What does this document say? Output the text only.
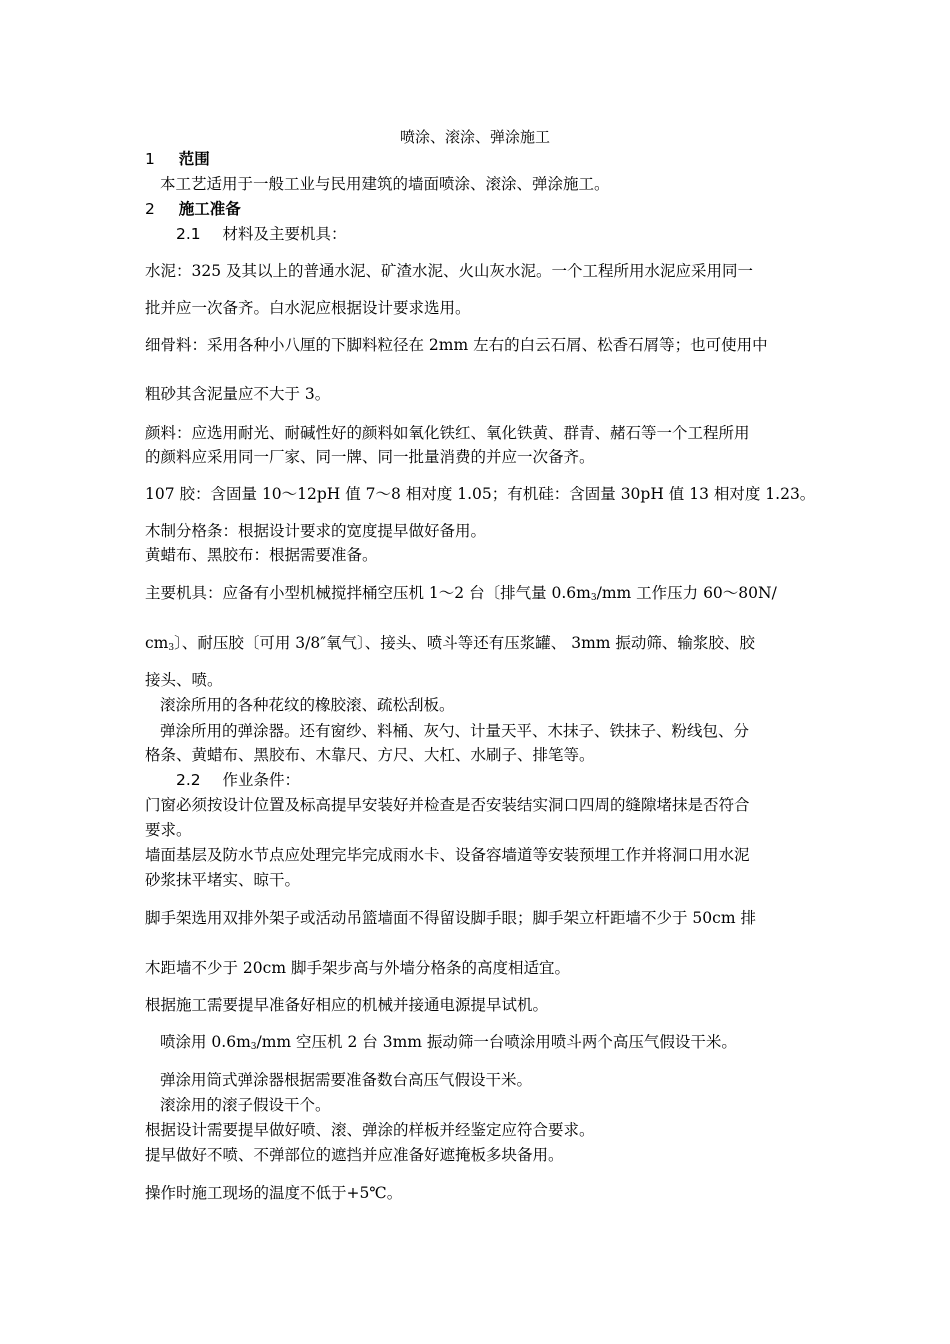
喷涂、滚涂、弹涂施工
1 范围
本工艺适用于一般工业与民用建筑的墙面喷涂、滚涂、弹涂施工。
2 施工准备
2.1 材料及主要机具：
水泥：325 及其以上的普通水泥、矿渣水泥、火山灰水泥。一个工程所用水泥应采用同一
批并应一次备齐。白水泥应根据设计要求选用。
细骨料：采用各种小八厘的下脚料粒径在 2mm 左右的白云石屑、松香石屑等；也可使用中
粗砂其含泥量应不大于 3。
颜料：应选用耐光、耐碱性好的颜料如氧化铁红、氧化铁黄、群青、赭石等一个工程所用
的颜料应采用同一厂家、同一牌、同一批量消费的并应一次备齐。
107 胶：含固量 10～12pH 值 7～8 相对度 1.05；有机硅：含固量 30pH 值 13 相对度 1.23。
木制分格条：根据设计要求的宽度提早做好备用。
黄蜡布、黑胶布：根据需要准备。
主要机具：应备有小型机械搅拌桶空压机 1～2 台〔排气量 $0.6m_3/mm$ 工作压力 60～80N/
$cm_3$〕、耐压胶〔可用 3/8″氧气〕、接头、喷斗等还有压浆罐、 3mm 振动筛、输浆胶、胶
接头、喷。
滚涂所用的各种花纹的橡胶滚、疏松刮板。
弹涂所用的弹涂器。还有窗纱、料桶、灰勺、计量天平、木抹子、铁抹子、粉线包、分
格条、黄蜡布、黑胶布、木靠尺、方尺、大杠、水刷子、排笔等。
2.2 作业条件：
门窗必须按设计位置及标高提早安装好并检查是否安装结实洞口四周的缝隙堵抹是否符合
要求。
墙面基层及防水节点应处理完毕完成雨水卡、设备容墙道等安装预埋工作并将洞口用水泥
砂浆抹平堵实、晾干。
脚手架选用双排外架子或活动吊篮墙面不得留设脚手眼；脚手架立杆距墙不少于 50cm 排
木距墙不少于 20cm 脚手架步高与外墙分格条的高度相适宜。
根据施工需要提早准备好相应的机械并接通电源提早试机。
喷涂用 $0.6m_3/mm$ 空压机 2 台 3mm 振动筛一台喷涂用喷斗两个高压气假设干米。
弹涂用筒式弹涂器根据需要准备数台高压气假设干米。
滚涂用的滚子假设干个。
根据设计需要提早做好喷、滚、弹涂的样板并经鉴定应符合要求。
提早做好不喷、不弹部位的遮挡并应准备好遮掩板多块备用。
操作时施工现场的温度不低于+5℃。
